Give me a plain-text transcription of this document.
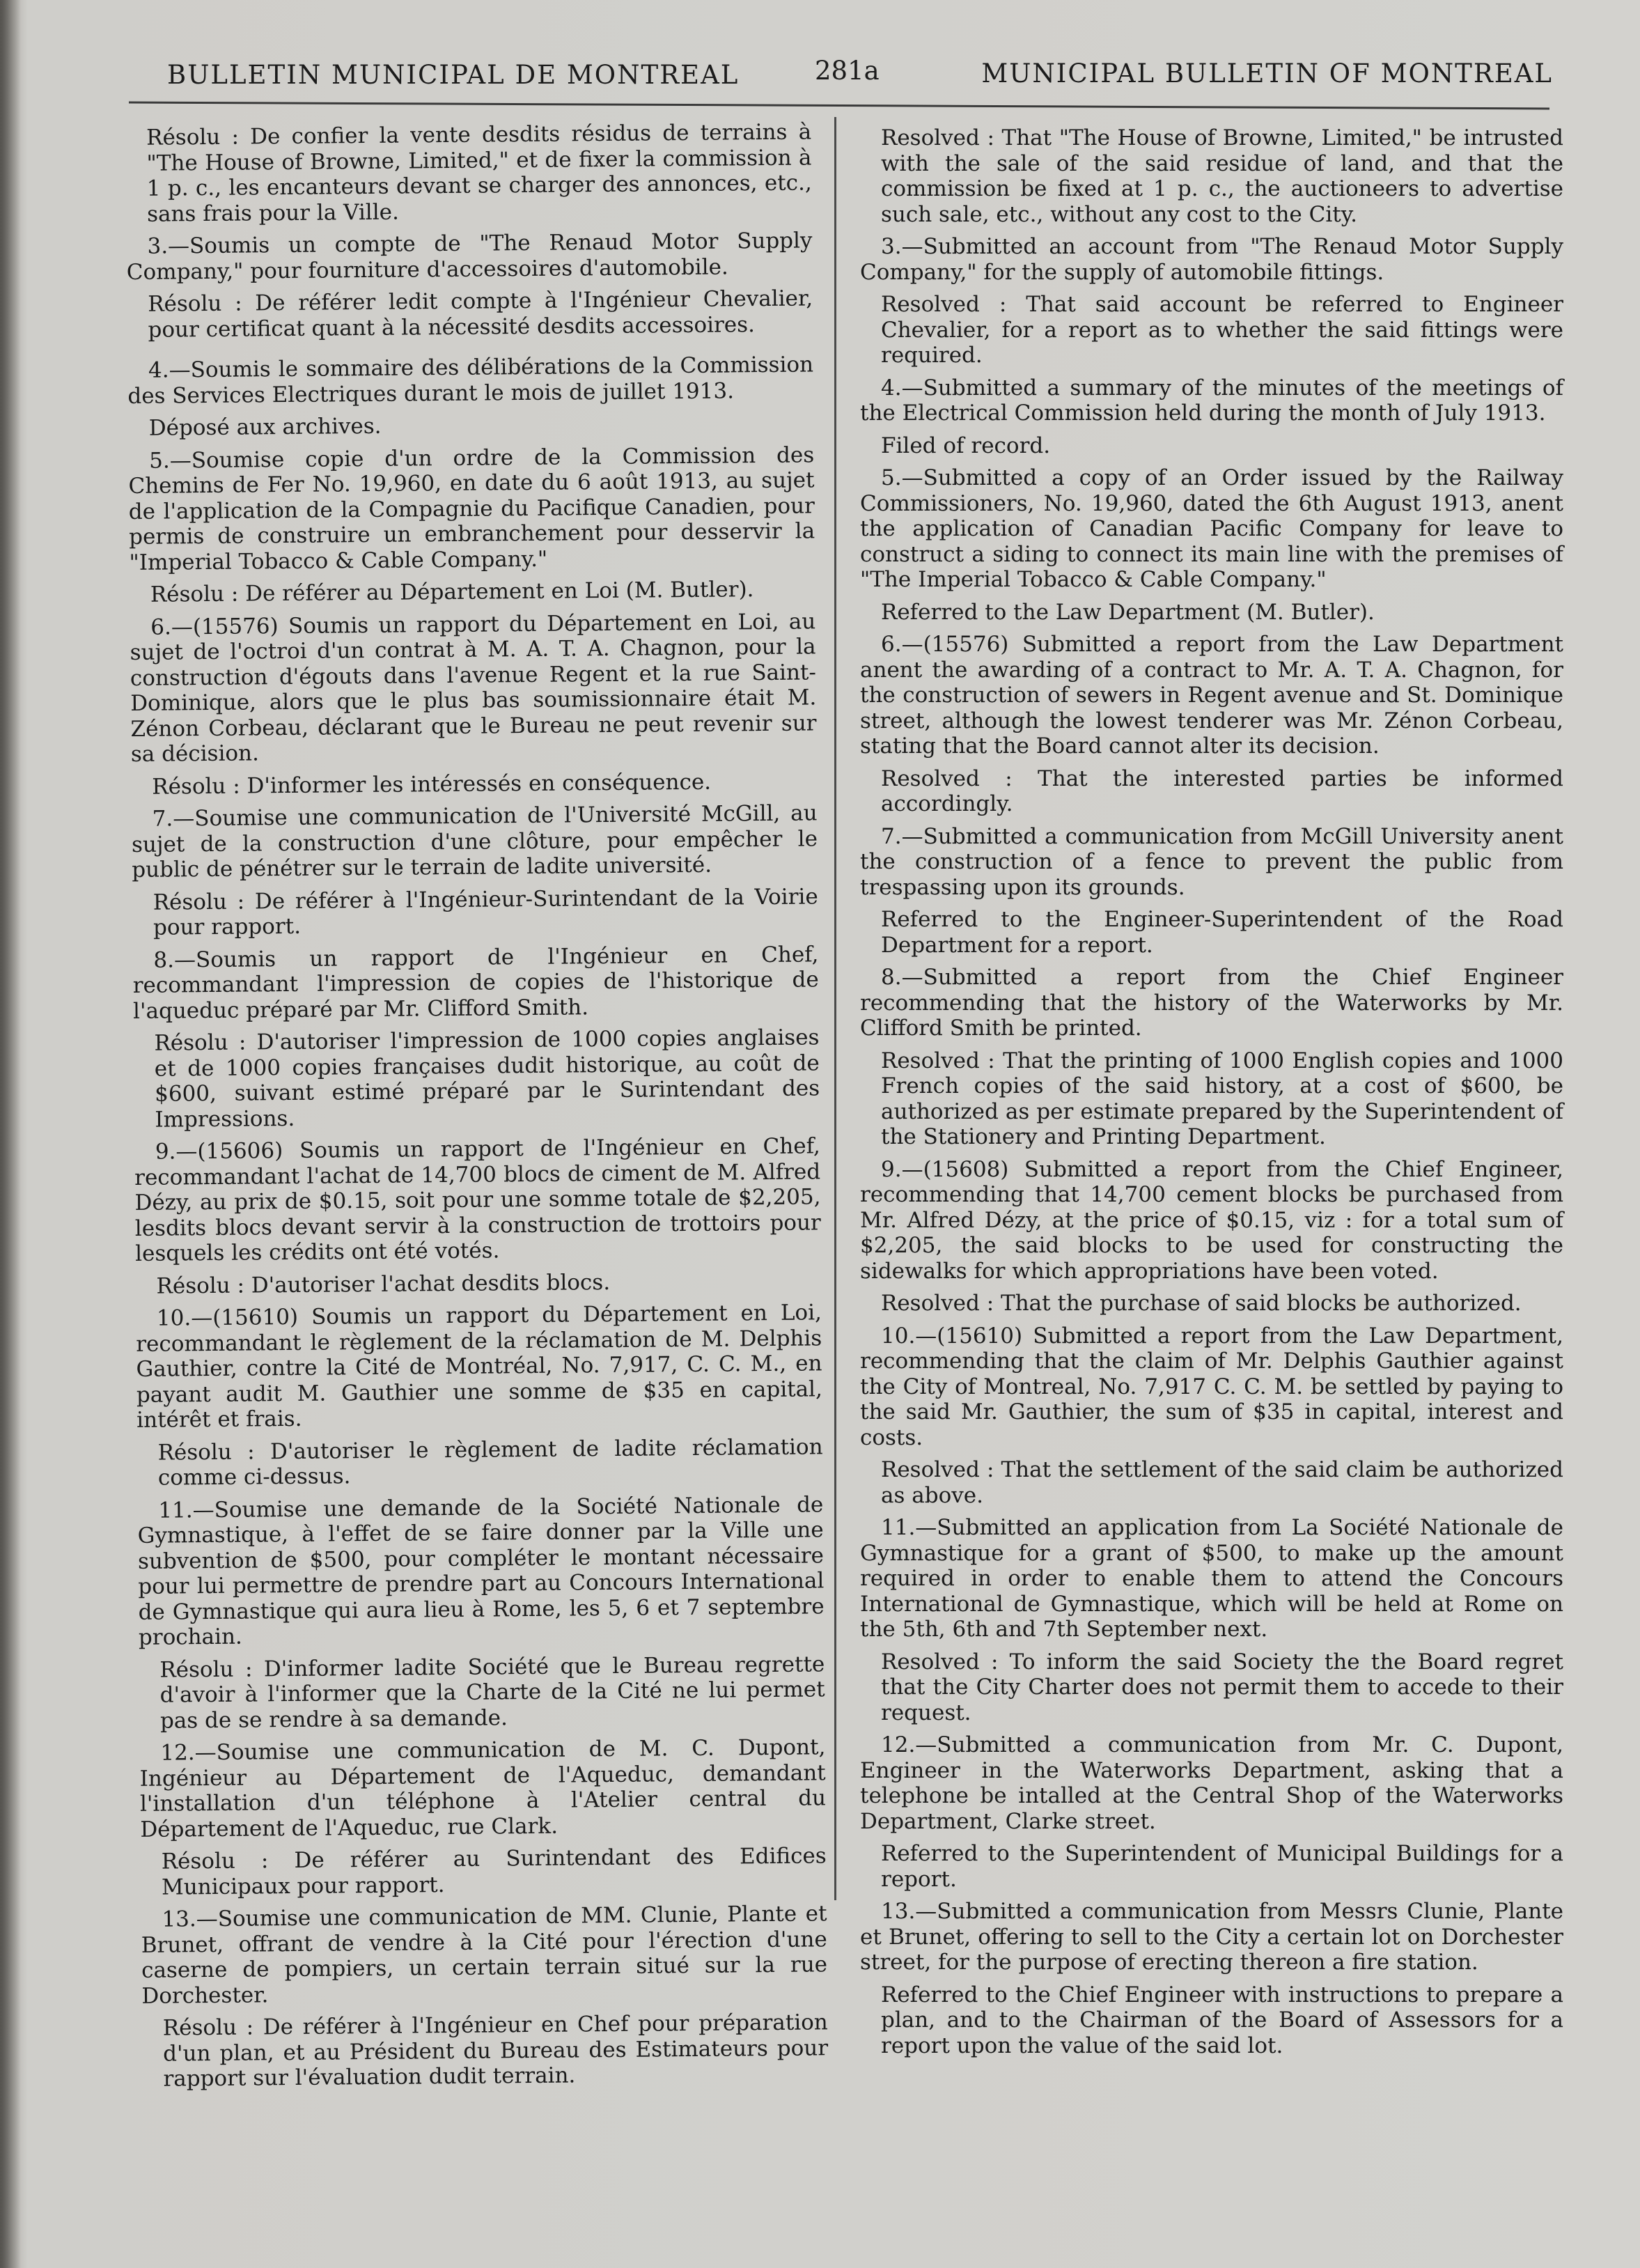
BULLETIN MUNICIPAL DE MONTREAL	281a	MUNICIPAL BULLETIN OF MONTREAL

Résolu : De confier la vente desdits résidus de terrains à "The House of Browne, Limited," et de fixer la commission à 1 p. c., les encanteurs devant se charger des annonces, etc., sans frais pour la Ville.

3.—Soumis un compte de "The Renaud Motor Supply Company," pour fourniture d'accessoires d'automobile.

Résolu : De référer ledit compte à l'Ingénieur Chevalier, pour certificat quant à la nécessité desdits accessoires.

4.—Soumis le sommaire des délibérations de la Commission des Services Electriques durant le mois de juillet 1913.

Déposé aux archives.

5.—Soumise copie d'un ordre de la Commission des Chemins de Fer No. 19,960, en date du 6 août 1913, au sujet de l'application de la Compagnie du Pacifique Canadien, pour permis de construire un embranchement pour desservir la "Imperial Tobacco & Cable Company."

Résolu : De référer au Département en Loi (M. Butler).

6.—(15576) Soumis un rapport du Département en Loi, au sujet de l'octroi d'un contrat à M. A. T. A. Chagnon, pour la construction d'égouts dans l'avenue Regent et la rue Saint-Dominique, alors que le plus bas soumissionnaire était M. Zénon Corbeau, déclarant que le Bureau ne peut revenir sur sa décision.

Résolu : D'informer les intéressés en conséquence.

7.—Soumise une communication de l'Université McGill, au sujet de la construction d'une clôture, pour empêcher le public de pénétrer sur le terrain de ladite université.

Résolu : De référer à l'Ingénieur-Surintendant de la Voirie pour rapport.

8.—Soumis un rapport de l'Ingénieur en Chef, recommandant l'impression de copies de l'historique de l'aqueduc préparé par Mr. Clifford Smith.

Résolu : D'autoriser l'impression de 1000 copies anglaises et de 1000 copies françaises dudit historique, au coût de $600, suivant estimé préparé par le Surintendant des Impressions.

9.—(15606) Soumis un rapport de l'Ingénieur en Chef, recommandant l'achat de 14,700 blocs de ciment de M. Alfred Dézy, au prix de $0.15, soit pour une somme totale de $2,205, lesdits blocs devant servir à la construction de trottoirs pour lesquels les crédits ont été votés.

Résolu : D'autoriser l'achat desdits blocs.

10.—(15610) Soumis un rapport du Département en Loi, recommandant le règlement de la réclamation de M. Delphis Gauthier, contre la Cité de Montréal, No. 7,917, C. C. M., en payant audit M. Gauthier une somme de $35 en capital, intérêt et frais.

Résolu : D'autoriser le règlement de ladite réclamation comme ci-dessus.

11.—Soumise une demande de la Société Nationale de Gymnastique, à l'effet de se faire donner par la Ville une subvention de $500, pour compléter le montant nécessaire pour lui permettre de prendre part au Concours International de Gymnastique qui aura lieu à Rome, les 5, 6 et 7 septembre prochain.

Résolu : D'informer ladite Société que le Bureau regrette d'avoir à l'informer que la Charte de la Cité ne lui permet pas de se rendre à sa demande.

12.—Soumise une communication de M. C. Dupont, Ingénieur au Département de l'Aqueduc, demandant l'installation d'un téléphone à l'Atelier central du Département de l'Aqueduc, rue Clark.

Résolu : De référer au Surintendant des Edifices Municipaux pour rapport.

13.—Soumise une communication de MM. Clunie, Plante et Brunet, offrant de vendre à la Cité pour l'érection d'une caserne de pompiers, un certain terrain situé sur la rue Dorchester.

Résolu : De référer à l'Ingénieur en Chef pour préparation d'un plan, et au Président du Bureau des Estimateurs pour rapport sur l'évaluation dudit terrain.

Resolved : That "The House of Browne, Limited," be intrusted with the sale of the said residue of land, and that the commission be fixed at 1 p. c., the auctioneers to advertise such sale, etc., without any cost to the City.

3.—Submitted an account from "The Renaud Motor Supply Company," for the supply of automobile fittings.

Resolved : That said account be referred to Engineer Chevalier, for a report as to whether the said fittings were required.

4.—Submitted a summary of the minutes of the meetings of the Electrical Commission held during the month of July 1913.

Filed of record.

5.—Submitted a copy of an Order issued by the Railway Commissioners, No. 19,960, dated the 6th August 1913, anent the application of Canadian Pacific Company for leave to construct a siding to connect its main line with the premises of "The Imperial Tobacco & Cable Company."

Referred to the Law Department (M. Butler).

6.—(15576) Submitted a report from the Law Department anent the awarding of a contract to Mr. A. T. A. Chagnon, for the construction of sewers in Regent avenue and St. Dominique street, although the lowest tenderer was Mr. Zénon Corbeau, stating that the Board cannot alter its decision.

Resolved : That the interested parties be informed accordingly.

7.—Submitted a communication from McGill University anent the construction of a fence to prevent the public from trespassing upon its grounds.

Referred to the Engineer-Superintendent of the Road Department for a report.

8.—Submitted a report from the Chief Engineer recommending that the history of the Waterworks by Mr. Clifford Smith be printed.

Resolved : That the printing of 1000 English copies and 1000 French copies of the said history, at a cost of $600, be authorized as per estimate prepared by the Superintendent of the Stationery and Printing Department.

9.—(15608) Submitted a report from the Chief Engineer, recommending that 14,700 cement blocks be purchased from Mr. Alfred Dézy, at the price of $0.15, viz : for a total sum of $2,205, the said blocks to be used for constructing the sidewalks for which appropriations have been voted.

Resolved : That the purchase of said blocks be authorized.

10.—(15610) Submitted a report from the Law Department, recommending that the claim of Mr. Delphis Gauthier against the City of Montreal, No. 7,917 C. C. M. be settled by paying to the said Mr. Gauthier, the sum of $35 in capital, interest and costs.

Resolved : That the settlement of the said claim be authorized as above.

11.—Submitted an application from La Société Nationale de Gymnastique for a grant of $500, to make up the amount required in order to enable them to attend the Concours International de Gymnastique, which will be held at Rome on the 5th, 6th and 7th September next.

Resolved : To inform the said Society the the Board regret that the City Charter does not permit them to accede to their request.

12.—Submitted a communication from Mr. C. Dupont, Engineer in the Waterworks Department, asking that a telephone be intalled at the Central Shop of the Waterworks Department, Clarke street.

Referred to the Superintendent of Municipal Buildings for a report.

13.—Submitted a communication from Messrs Clunie, Plante et Brunet, offering to sell to the City a certain lot on Dorchester street, for the purpose of erecting thereon a fire station.

Referred to the Chief Engineer with instructions to prepare a plan, and to the Chairman of the Board of Assessors for a report upon the value of the said lot.
